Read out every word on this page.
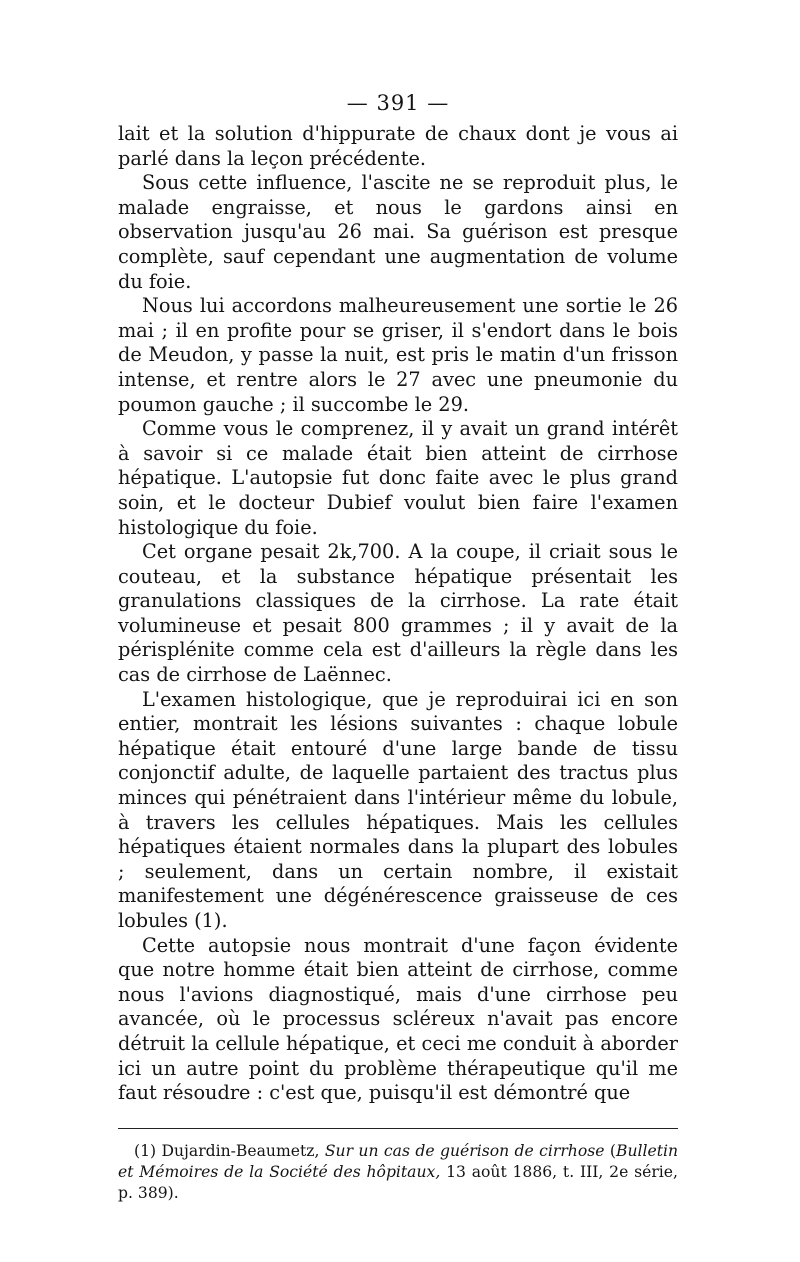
— 391 —

lait et la solution d'hippurate de chaux dont je vous ai parlé dans la leçon précédente.

Sous cette influence, l'ascite ne se reproduit plus, le malade engraisse, et nous le gardons ainsi en observation jusqu'au 26 mai. Sa guérison est presque complète, sauf cependant une augmentation de volume du foie.

Nous lui accordons malheureusement une sortie le 26 mai ; il en profite pour se griser, il s'endort dans le bois de Meudon, y passe la nuit, est pris le matin d'un frisson intense, et rentre alors le 27 avec une pneumonie du poumon gauche ; il succombe le 29.

Comme vous le comprenez, il y avait un grand intérêt à savoir si ce malade était bien atteint de cirrhose hépatique. L'autopsie fut donc faite avec le plus grand soin, et le docteur Dubief voulut bien faire l'examen histologique du foie.

Cet organe pesait 2k,700. A la coupe, il criait sous le couteau, et la substance hépatique présentait les granulations classiques de la cirrhose. La rate était volumineuse et pesait 800 grammes ; il y avait de la périsplénite comme cela est d'ailleurs la règle dans les cas de cirrhose de Laënnec.

L'examen histologique, que je reproduirai ici en son entier, montrait les lésions suivantes : chaque lobule hépatique était entouré d'une large bande de tissu conjonctif adulte, de laquelle partaient des tractus plus minces qui pénétraient dans l'intérieur même du lobule, à travers les cellules hépatiques. Mais les cellules hépatiques étaient normales dans la plupart des lobules ; seulement, dans un certain nombre, il existait manifestement une dégénérescence graisseuse de ces lobules (1).

Cette autopsie nous montrait d'une façon évidente que notre homme était bien atteint de cirrhose, comme nous l'avions diagnostiqué, mais d'une cirrhose peu avancée, où le processus scléreux n'avait pas encore détruit la cellule hépatique, et ceci me conduit à aborder ici un autre point du problème thérapeutique qu'il me faut résoudre : c'est que, puisqu'il est démontré que

(1) Dujardin-Beaumetz, Sur un cas de guérison de cirrhose (Bulletin et Mémoires de la Société des hôpitaux, 13 août 1886, t. III, 2e série, p. 389).
